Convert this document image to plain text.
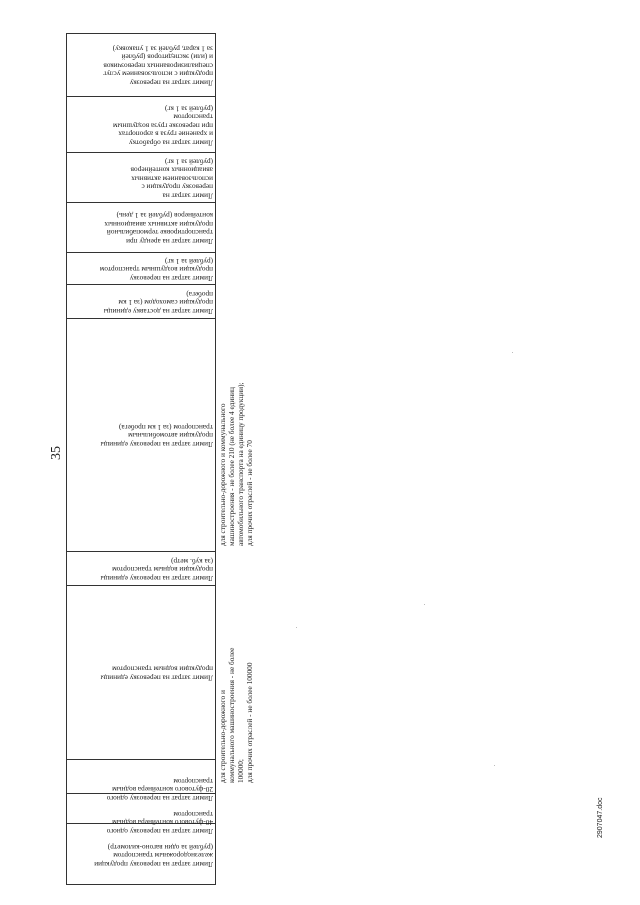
Лимит затрат на перевозку продукции
железнодорожным транспортом
(рублей за один вагоно-километр)
Лимит затрат на перевозку одного
40-футового контейнера водным
транспортом
Лимит затрат на перевозку одного
20-футового контейнера водным
транспортом
Лимит затрат на перевозку единицы
продукции водным транспортом
Лимит затрат на перевозку единицы
продукции водным транспортом
(за куб. метр)
Лимит затрат на перевозку единицы
продукции автомобильным
транспортом (за 1 км пробега)
Лимит затрат на доставку единицы
продукции самоходом (за 1 км
пробега)
Лимит затрат на перевозку
продукции воздушным транспортом
(рублей за 1 кг)
Лимит затрат на аренду при
транспортировке термопабильной
продукции активных авиационных
контейнеров (рублей за 1 день)
Лимит затрат на
перевозку продукции с
использованием активных
авиационных контейнеров
(рублей за 1 кг)
Лимит затрат на обработку
и хранение груза в аэропортах
при перевозке груза воздушным
транспортом
(рублей за 1 кг)
Лимит затрат на перевозку
продукции с использованием услуг
специализированных перевозчиков
и (или) экспедиторов (рублей
за 1 карат, рублей за 1 упаковку)
для строительно-дорожного и
коммунального машиностроения - не более
100000;
для прочих отраслей - не более 100000
для строительно-дорожного и коммунального
машиностроения - не более 210 (не более 4 единиц
автомобильного транспорта на единицу продукции);
для прочих отраслей - не более 70
35
2907047.doc
